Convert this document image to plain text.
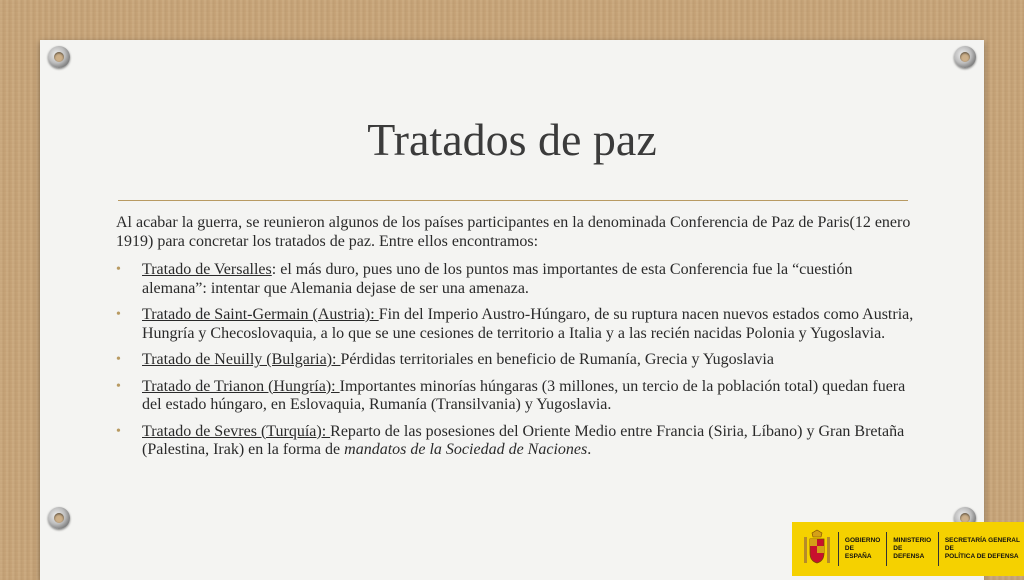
Tratados de paz

Al acabar la guerra, se reunieron algunos de los países participantes en la denominada Conferencia de Paz de Paris(12 enero 1919) para concretar los tratados de paz. Entre ellos encontramos:

• Tratado de Versalles: el más duro, pues uno de los puntos mas importantes de esta Conferencia fue la “cuestión alemana”: intentar que Alemania dejase de ser una amenaza.
• Tratado de Saint-Germain (Austria): Fin del Imperio Austro-Húngaro, de su ruptura nacen nuevos estados como Austria, Hungría y Checoslovaquia, a lo que se une cesiones de territorio a Italia y a las recién nacidas Polonia y Yugoslavia.
• Tratado de Neuilly (Bulgaria): Pérdidas territoriales en beneficio de Rumanía, Grecia y Yugoslavia
• Tratado de Trianon (Hungría): Importantes minorías húngaras (3 millones, un tercio de la población total) quedan fuera del estado húngaro, en Eslovaquia, Rumanía (Transilvania) y Yugoslavia.
• Tratado de Sevres (Turquía): Reparto de las posesiones del Oriente Medio entre Francia (Siria, Líbano) y Gran Bretaña (Palestina, Irak) en la forma de mandatos de la Sociedad de Naciones.
GOBIERNO
DE ESPAÑA
MINISTERIO
DE DEFENSA
SECRETARÍA GENERAL DE
POLÍTICA DE DEFENSA
